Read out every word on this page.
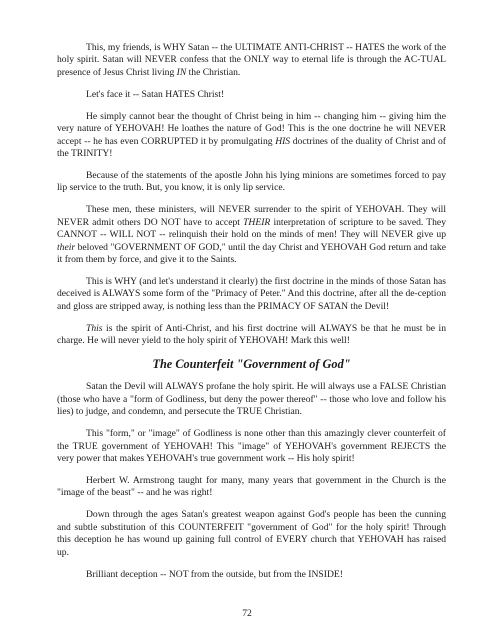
This, my friends, is WHY Satan -- the ULTIMATE ANTI-CHRIST -- HATES the work of the holy spirit. Satan will NEVER confess that the ONLY way to eternal life is through the AC-TUAL presence of Jesus Christ living IN the Christian.

Let's face it -- Satan HATES Christ!

He simply cannot bear the thought of Christ being in him -- changing him -- giving him the very nature of YEHOVAH! He loathes the nature of God! This is the one doctrine he will NEVER accept -- he has even CORRUPTED it by promulgating HIS doctrines of the duality of Christ and of the TRINITY!

Because of the statements of the apostle John his lying minions are sometimes forced to pay lip service to the truth. But, you know, it is only lip service.

These men, these ministers, will NEVER surrender to the spirit of YEHOVAH. They will NEVER admit others DO NOT have to accept THEIR interpretation of scripture to be saved. They CANNOT -- WILL NOT -- relinquish their hold on the minds of men! They will NEVER give up their beloved "GOVERNMENT OF GOD," until the day Christ and YEHOVAH God return and take it from them by force, and give it to the Saints.

This is WHY (and let's understand it clearly) the first doctrine in the minds of those Satan has deceived is ALWAYS some form of the "Primacy of Peter." And this doctrine, after all the de-ception and gloss are stripped away, is nothing less than the PRIMACY OF SATAN the Devil!

This is the spirit of Anti-Christ, and his first doctrine will ALWAYS be that he must be in charge. He will never yield to the holy spirit of YEHOVAH! Mark this well!

The Counterfeit "Government of God"

Satan the Devil will ALWAYS profane the holy spirit. He will always use a FALSE Christian (those who have a "form of Godliness, but deny the power thereof" -- those who love and follow his lies) to judge, and condemn, and persecute the TRUE Christian.

This "form," or "image" of Godliness is none other than this amazingly clever counterfeit of the TRUE government of YEHOVAH! This "image" of YEHOVAH's government REJECTS the very power that makes YEHOVAH's true government work -- His holy spirit!

Herbert W. Armstrong taught for many, many years that government in the Church is the "image of the beast" -- and he was right!

Down through the ages Satan's greatest weapon against God's people has been the cunning and subtle substitution of this COUNTERFEIT "government of God" for the holy spirit! Through this deception he has wound up gaining full control of EVERY church that YEHOVAH has raised up.

Brilliant deception -- NOT from the outside, but from the INSIDE!

72
